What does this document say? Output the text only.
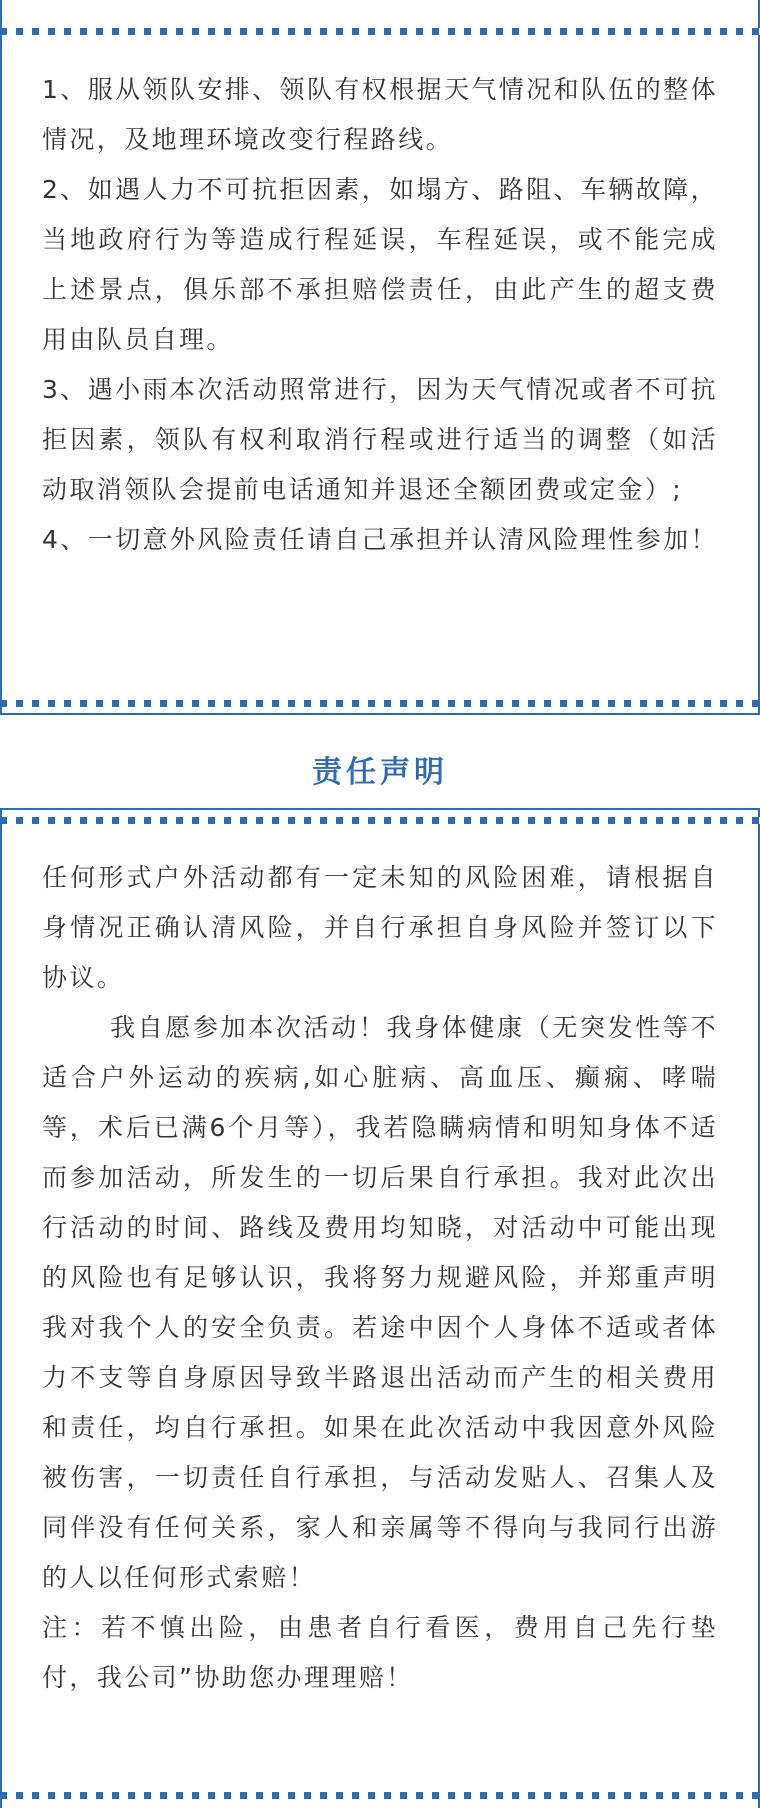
1、服从领队安排、领队有权根据天气情况和队伍的整体情况，及地理环境改变行程路线。

2、如遇人力不可抗拒因素，如塌方、路阻、车辆故障，当地政府行为等造成行程延误，车程延误，或不能完成上述景点，俱乐部不承担赔偿责任，由此产生的超支费用由队员自理。

3、遇小雨本次活动照常进行，因为天气情况或者不可抗拒因素，领队有权利取消行程或进行适当的调整（如活动取消领队会提前电话通知并退还全额团费或定金）;

4、一切意外风险责任请自己承担并认清风险理性参加！

责任声明

任何形式户外活动都有一定未知的风险困难，请根据自身情况正确认清风险，并自行承担自身风险并签订以下协议。

我自愿参加本次活动！我身体健康（无突发性等不适合户外运动的疾病,如心脏病、高血压、癫痫、哮喘等，术后已满6个月等），我若隐瞒病情和明知身体不适而参加活动，所发生的一切后果自行承担。我对此次出行活动的时间、路线及费用均知晓，对活动中可能出现的风险也有足够认识，我将努力规避风险，并郑重声明我对我个人的安全负责。若途中因个人身体不适或者体力不支等自身原因导致半路退出活动而产生的相关费用和责任，均自行承担。如果在此次活动中我因意外风险被伤害，一切责任自行承担，与活动发贴人、召集人及同伴没有任何关系，家人和亲属等不得向与我同行出游的人以任何形式索赔！

注：若不慎出险，由患者自行看医，费用自己先行垫付，我公司”协助您办理理赔！
